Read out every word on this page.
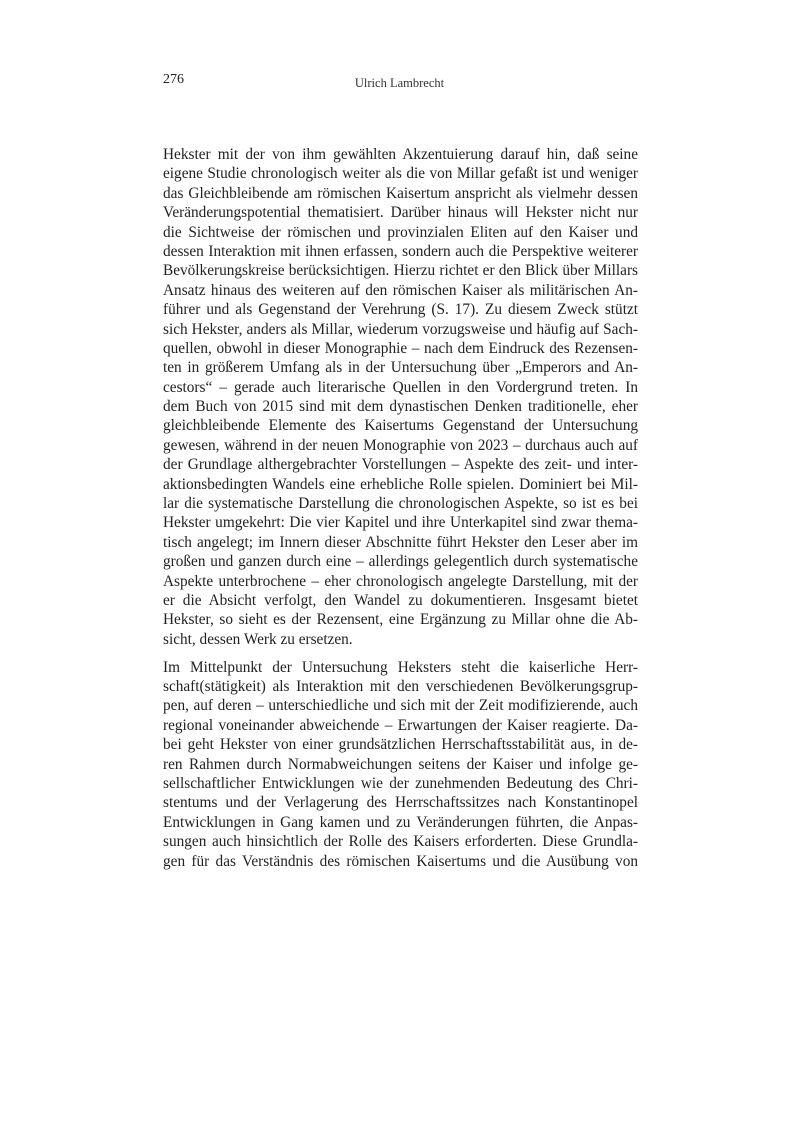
276	Ulrich Lambrecht
Hekster mit der von ihm gewählten Akzentuierung darauf hin, daß seine
eigene Studie chronologisch weiter als die von Millar gefaßt ist und weniger
das Gleichbleibende am römischen Kaisertum anspricht als vielmehr dessen
Veränderungspotential thematisiert. Darüber hinaus will Hekster nicht nur
die Sichtweise der römischen und provinzialen Eliten auf den Kaiser und
dessen Interaktion mit ihnen erfassen, sondern auch die Perspektive weiterer
Bevölkerungskreise berücksichtigen. Hierzu richtet er den Blick über Millars
Ansatz hinaus des weiteren auf den römischen Kaiser als militärischen An-
führer und als Gegenstand der Verehrung (S. 17). Zu diesem Zweck stützt
sich Hekster, anders als Millar, wiederum vorzugsweise und häufig auf Sach-
quellen, obwohl in dieser Monographie – nach dem Eindruck des Rezensen-
ten in größerem Umfang als in der Untersuchung über „Emperors and An-
cestors“ – gerade auch literarische Quellen in den Vordergrund treten. In
dem Buch von 2015 sind mit dem dynastischen Denken traditionelle, eher
gleichbleibende Elemente des Kaisertums Gegenstand der Untersuchung
gewesen, während in der neuen Monographie von 2023 – durchaus auch auf
der Grundlage althergebrachter Vorstellungen – Aspekte des zeit- und inter-
aktionsbedingten Wandels eine erhebliche Rolle spielen. Dominiert bei Mil-
lar die systematische Darstellung die chronologischen Aspekte, so ist es bei
Hekster umgekehrt: Die vier Kapitel und ihre Unterkapitel sind zwar thema-
tisch angelegt; im Innern dieser Abschnitte führt Hekster den Leser aber im
großen und ganzen durch eine – allerdings gelegentlich durch systematische
Aspekte unterbrochene – eher chronologisch angelegte Darstellung, mit der
er die Absicht verfolgt, den Wandel zu dokumentieren. Insgesamt bietet
Hekster, so sieht es der Rezensent, eine Ergänzung zu Millar ohne die Ab-
sicht, dessen Werk zu ersetzen.
Im Mittelpunkt der Untersuchung Heksters steht die kaiserliche Herr-
schaft(stätigkeit) als Interaktion mit den verschiedenen Bevölkerungsgrup-
pen, auf deren – unterschiedliche und sich mit der Zeit modifizierende, auch
regional voneinander abweichende – Erwartungen der Kaiser reagierte. Da-
bei geht Hekster von einer grundsätzlichen Herrschaftsstabilität aus, in de-
ren Rahmen durch Normabweichungen seitens der Kaiser und infolge ge-
sellschaftlicher Entwicklungen wie der zunehmenden Bedeutung des Chri-
stentums und der Verlagerung des Herrschaftssitzes nach Konstantinopel
Entwicklungen in Gang kamen und zu Veränderungen führten, die Anpas-
sungen auch hinsichtlich der Rolle des Kaisers erforderten. Diese Grundla-
gen für das Verständnis des römischen Kaisertums und die Ausübung von
